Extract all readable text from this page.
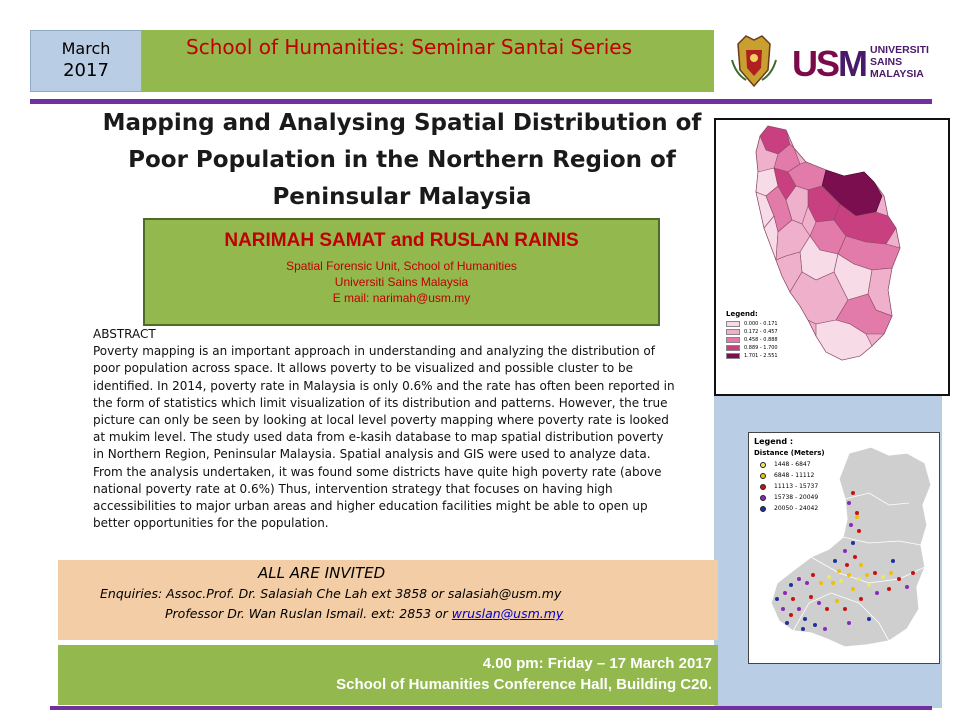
March
2017
School of Humanities: Seminar Santai Series	US M UNIVERSITI
SAINS
MALAYSIA
Mapping and Analysing Spatial Distribution of
Poor Population in the Northern Region of
Peninsular Malaysia
NARIMAH SAMAT and RUSLAN RAINIS
Spatial Forensic Unit, School of Humanities
Universiti Sains Malaysia
E mail: narimah@usm.my
ABSTRACT
Poverty mapping is an important approach in understanding and analyzing the distribution of
poor population across space. It allows poverty to be visualized and possible cluster to be
identified. In 2014, poverty rate in Malaysia is only 0.6% and the rate has often been reported in
the form of statistics which limit visualization of its distribution and patterns. However, the true
picture can only be seen by looking at local level poverty mapping where poverty rate is looked
at mukim level. The study used data from e-kasih database to map spatial distribution poverty
in Northern Region, Peninsular Malaysia. Spatial analysis and GIS were used to analyze data.
From the analysis undertaken, it was found some districts have quite high poverty rate (above
national poverty rate at 0.6%) Thus, intervention strategy that focuses on having high
accessibilities to major urban areas and higher education facilities might be able to open up
better opportunities for the population.
ALL ARE INVITED
Enquiries: Assoc.Prof. Dr. Salasiah Che Lah ext 3858 or salasiah@usm.my
Professor Dr. Wan Ruslan Ismail. ext: 2853 or wruslan@usm.my
4.00 pm: Friday – 17 March 2017
School of Humanities Conference Hall, Building C20.
Legend:
0.000 - 0.171
0.172 - 0.457
0.458 - 0.888
0.889 - 1.700
1.701 - 2.551
Legend :
Distance (Meters)
1448 - 6847
6848 - 11112
11113 - 15737
15738 - 20049
20050 - 24042
